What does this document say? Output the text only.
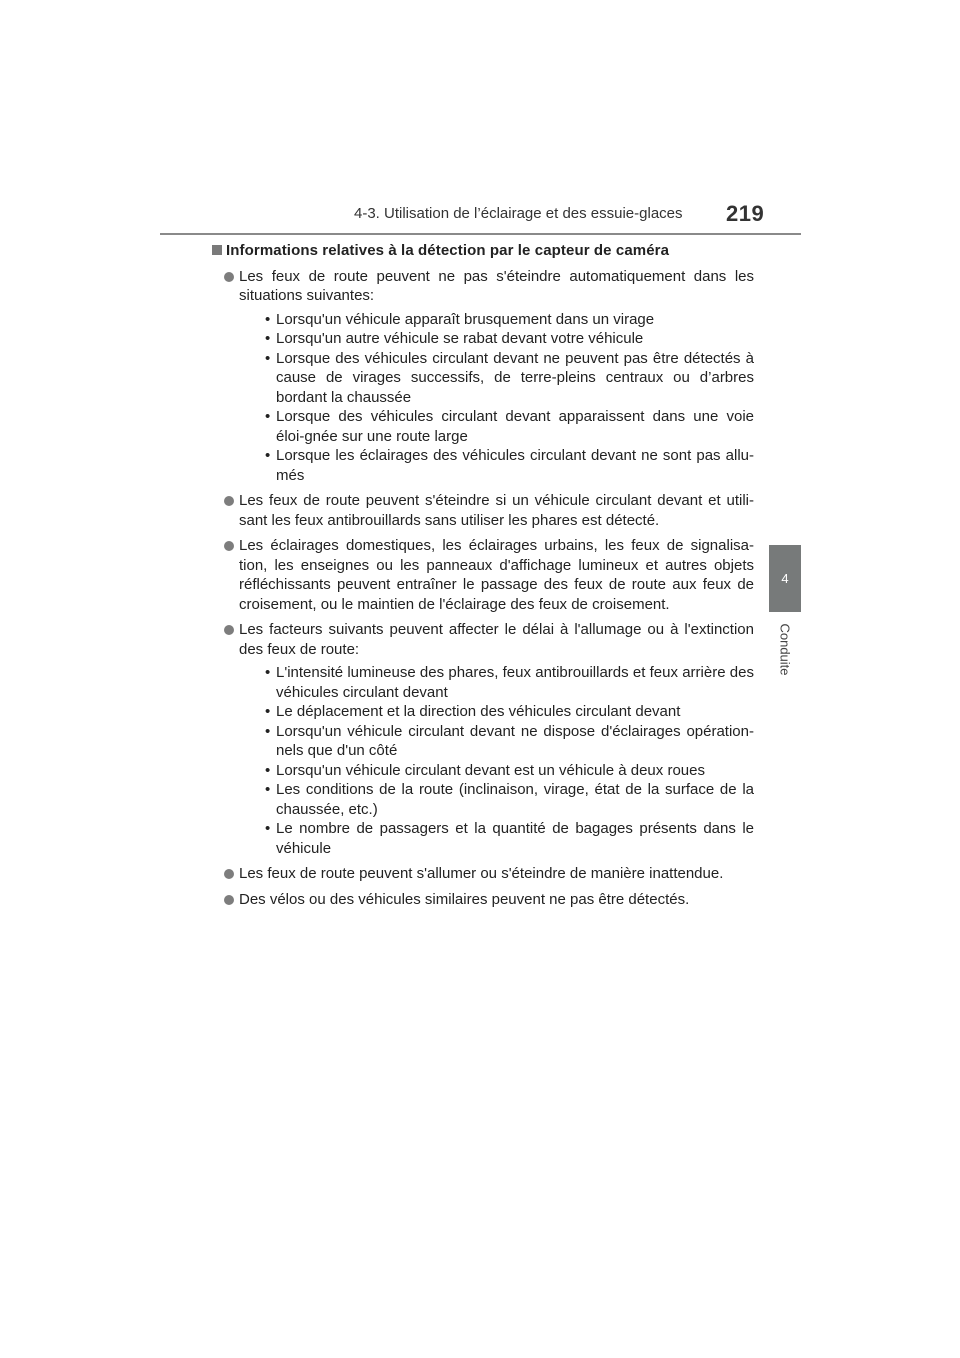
4-3. Utilisation de l’éclairage et des essuie-glaces 219
4
Conduite
Informations relatives à la détection par le capteur de caméra
Les feux de route peuvent ne pas s'éteindre automatiquement dans les situations suivantes:
• Lorsqu'un véhicule apparaît brusquement dans un virage
• Lorsqu'un autre véhicule se rabat devant votre véhicule
• Lorsque des véhicules circulant devant ne peuvent pas être détectés à cause de virages successifs, de terre-pleins centraux ou d’arbres bordant la chaussée
• Lorsque des véhicules circulant devant apparaissent dans une voie éloi-gnée sur une route large
• Lorsque les éclairages des véhicules circulant devant ne sont pas allu-més
Les feux de route peuvent s'éteindre si un véhicule circulant devant et utili-sant les feux antibrouillards sans utiliser les phares est détecté.
Les éclairages domestiques, les éclairages urbains, les feux de signalisa-tion, les enseignes ou les panneaux d'affichage lumineux et autres objets réfléchissants peuvent entraîner le passage des feux de route aux feux de croisement, ou le maintien de l'éclairage des feux de croisement.
Les facteurs suivants peuvent affecter le délai à l'allumage ou à l'extinction des feux de route:
• L'intensité lumineuse des phares, feux antibrouillards et feux arrière des véhicules circulant devant
• Le déplacement et la direction des véhicules circulant devant
• Lorsqu'un véhicule circulant devant ne dispose d'éclairages opération-nels que d'un côté
• Lorsqu'un véhicule circulant devant est un véhicule à deux roues
• Les conditions de la route (inclinaison, virage, état de la surface de la chaussée, etc.)
• Le nombre de passagers et la quantité de bagages présents dans le véhicule
Les feux de route peuvent s'allumer ou s'éteindre de manière inattendue.
Des vélos ou des véhicules similaires peuvent ne pas être détectés.
